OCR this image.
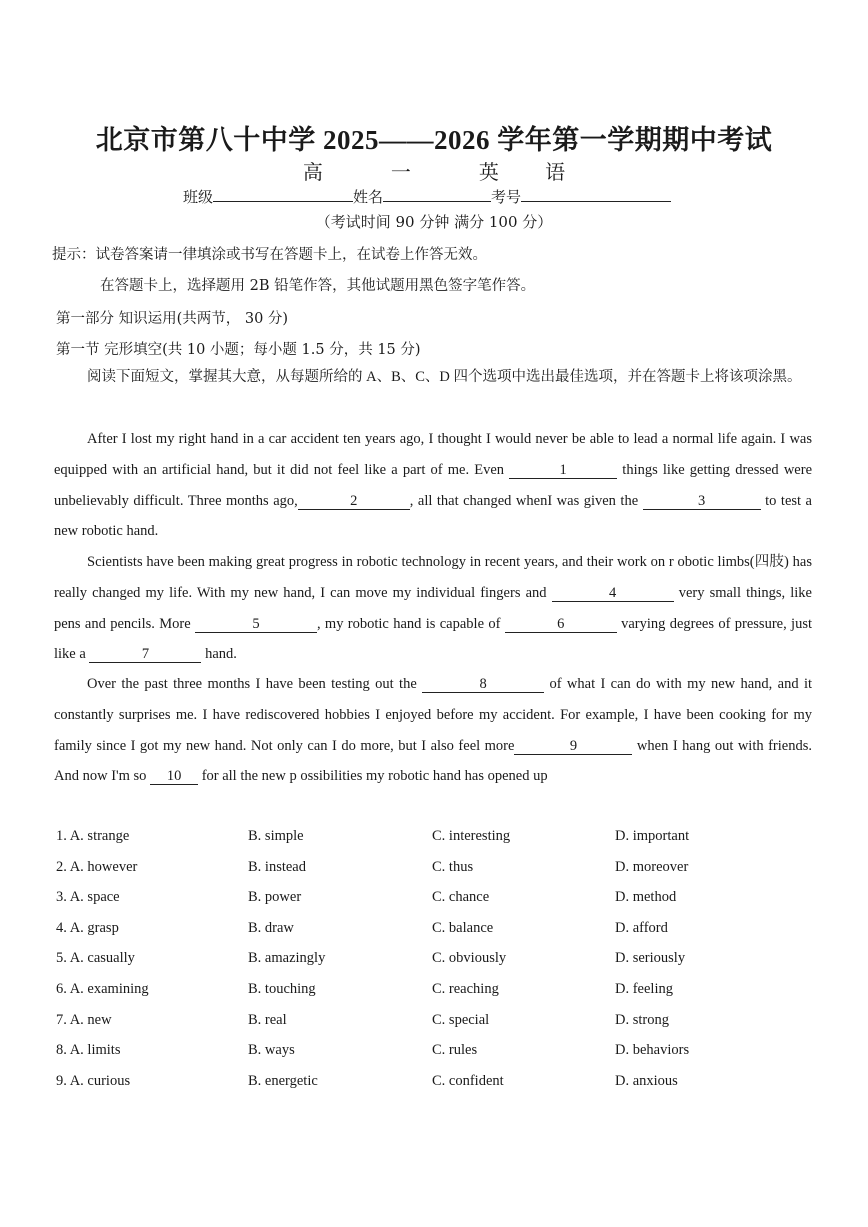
北京市第八十中学 2025——2026 学年第一学期期中考试
高	一	英 语
班级	姓名	考号
（考试时间 90 分钟 满分 100 分）
提示：试卷答案请一律填涂或书写在答题卡上，在试卷上作答无效。
在答题卡上，选择题用 2B 铅笔作答，其他试题用黑色签字笔作答。
第一部分 知识运用(共两节， 30 分)
第一节 完形填空(共 10 小题；每小题 1.5 分，共 15 分)
阅读下面短文，掌握其大意，从每题所给的 A、B、C、D 四个选项中选出最佳选项，并在答题卡上将该项涂黑。
After I lost my right hand in a car accident ten years ago, I thought I would never be able to lead a normal life again. I was equipped with an artificial hand, but it did not feel like a part of me. Even	1	things like getting dressed were unbelievably difficult. Three months ago,	2	, all that changed whenI was given the	3	to test a new robotic hand.
Scientists have been making great progress in robotic technology in recent years, and their work on r obotic limbs(四肢) has really changed my life. With my new hand, I can move my individual fingers and	4	very small things, like pens and pencils. More	5	, my robotic hand is capable of	6	varying degrees of pressure, just like a	7	hand.
Over the past three months I have been testing out the	8	of what I can do with my new hand, and it constantly surprises me. I have rediscovered hobbies I enjoyed before my accident. For example, I have been cooking for my family since I got my new hand. Not only can I do more, but I also feel more	9	when I hang out with friends. And now I'm so 10 for all the new p ossibilities my robotic hand has opened up
1. A. strange	B. simple	C. interesting	D. important
2. A. however	B. instead	C. thus	D. moreover
3. A. space	B. power	C. chance	D. method
4. A. grasp	B. draw	C. balance	D. afford
5. A. casually	B. amazingly	C. obviously	D. seriously
6. A. examining	B. touching	C. reaching	D. feeling
7. A. new	B. real	C. special	D. strong
8. A. limits	B. ways	C. rules	D. behaviors
9. A. curious	B. energetic	C. confident	D. anxious
